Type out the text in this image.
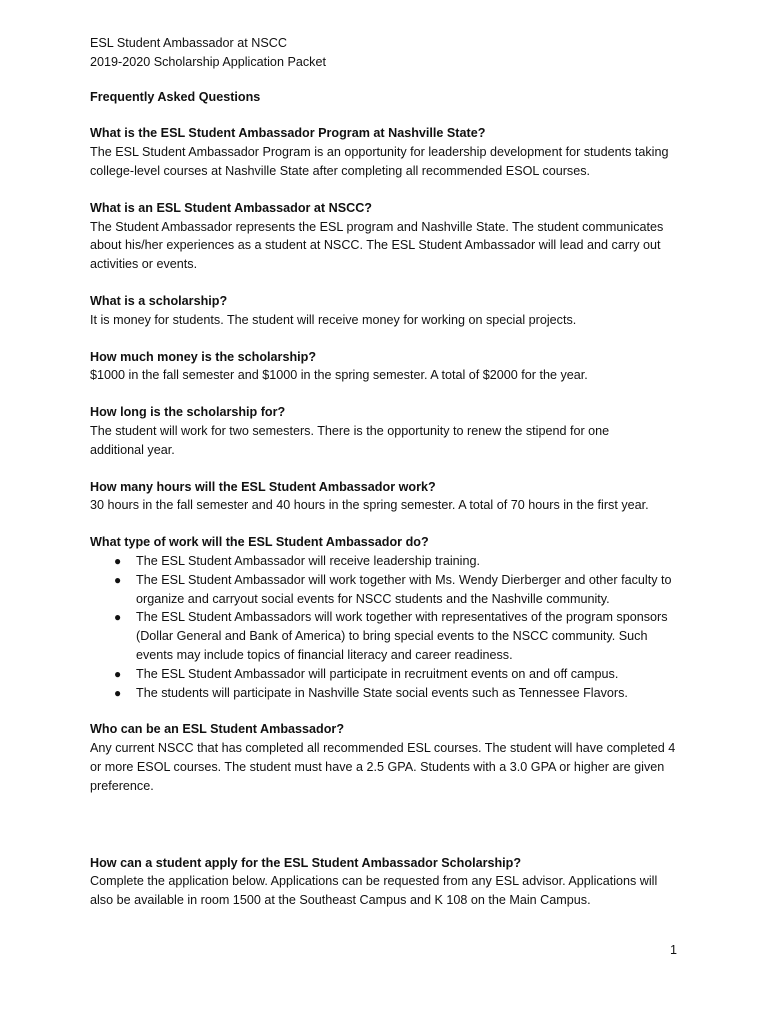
ESL Student Ambassador at NSCC
2019-2020 Scholarship Application Packet
Frequently Asked Questions
What is the ESL Student Ambassador Program at Nashville State?
The ESL Student Ambassador Program is an opportunity for leadership development for students taking
college-level courses at Nashville State after completing all recommended ESOL courses.
What is an ESL Student Ambassador at NSCC?
The Student Ambassador represents the ESL program and Nashville State. The student communicates
about his/her experiences as a student at NSCC. The ESL Student Ambassador will lead and carry out
activities or events.
What is a scholarship?
It is money for students. The student will receive money for working on special projects.
How much money is the scholarship?
$1000 in the fall semester and $1000 in the spring semester. A total of $2000 for the year.
How long is the scholarship for?
The student will work for two semesters. There is the opportunity to renew the stipend for one
additional year.
How many hours will the ESL Student Ambassador work?
30 hours in the fall semester and 40 hours in the spring semester. A total of 70 hours in the first year.
What type of work will the ESL Student Ambassador do?
● The ESL Student Ambassador will receive leadership training.
● The ESL Student Ambassador will work together with Ms. Wendy Dierberger and other faculty to
organize and carryout social events for NSCC students and the Nashville community.
● The ESL Student Ambassadors will work together with representatives of the program sponsors
(Dollar General and Bank of America) to bring special events to the NSCC community. Such
events may include topics of financial literacy and career readiness.
● The ESL Student Ambassador will participate in recruitment events on and off campus.
● The students will participate in Nashville State social events such as Tennessee Flavors.
Who can be an ESL Student Ambassador?
Any current NSCC that has completed all recommended ESL courses. The student will have completed 4
or more ESOL courses. The student must have a 2.5 GPA. Students with a 3.0 GPA or higher are given
preference.
How can a student apply for the ESL Student Ambassador Scholarship?
Complete the application below. Applications can be requested from any ESL advisor. Applications will
also be available in room 1500 at the Southeast Campus and K 108 on the Main Campus.
1
